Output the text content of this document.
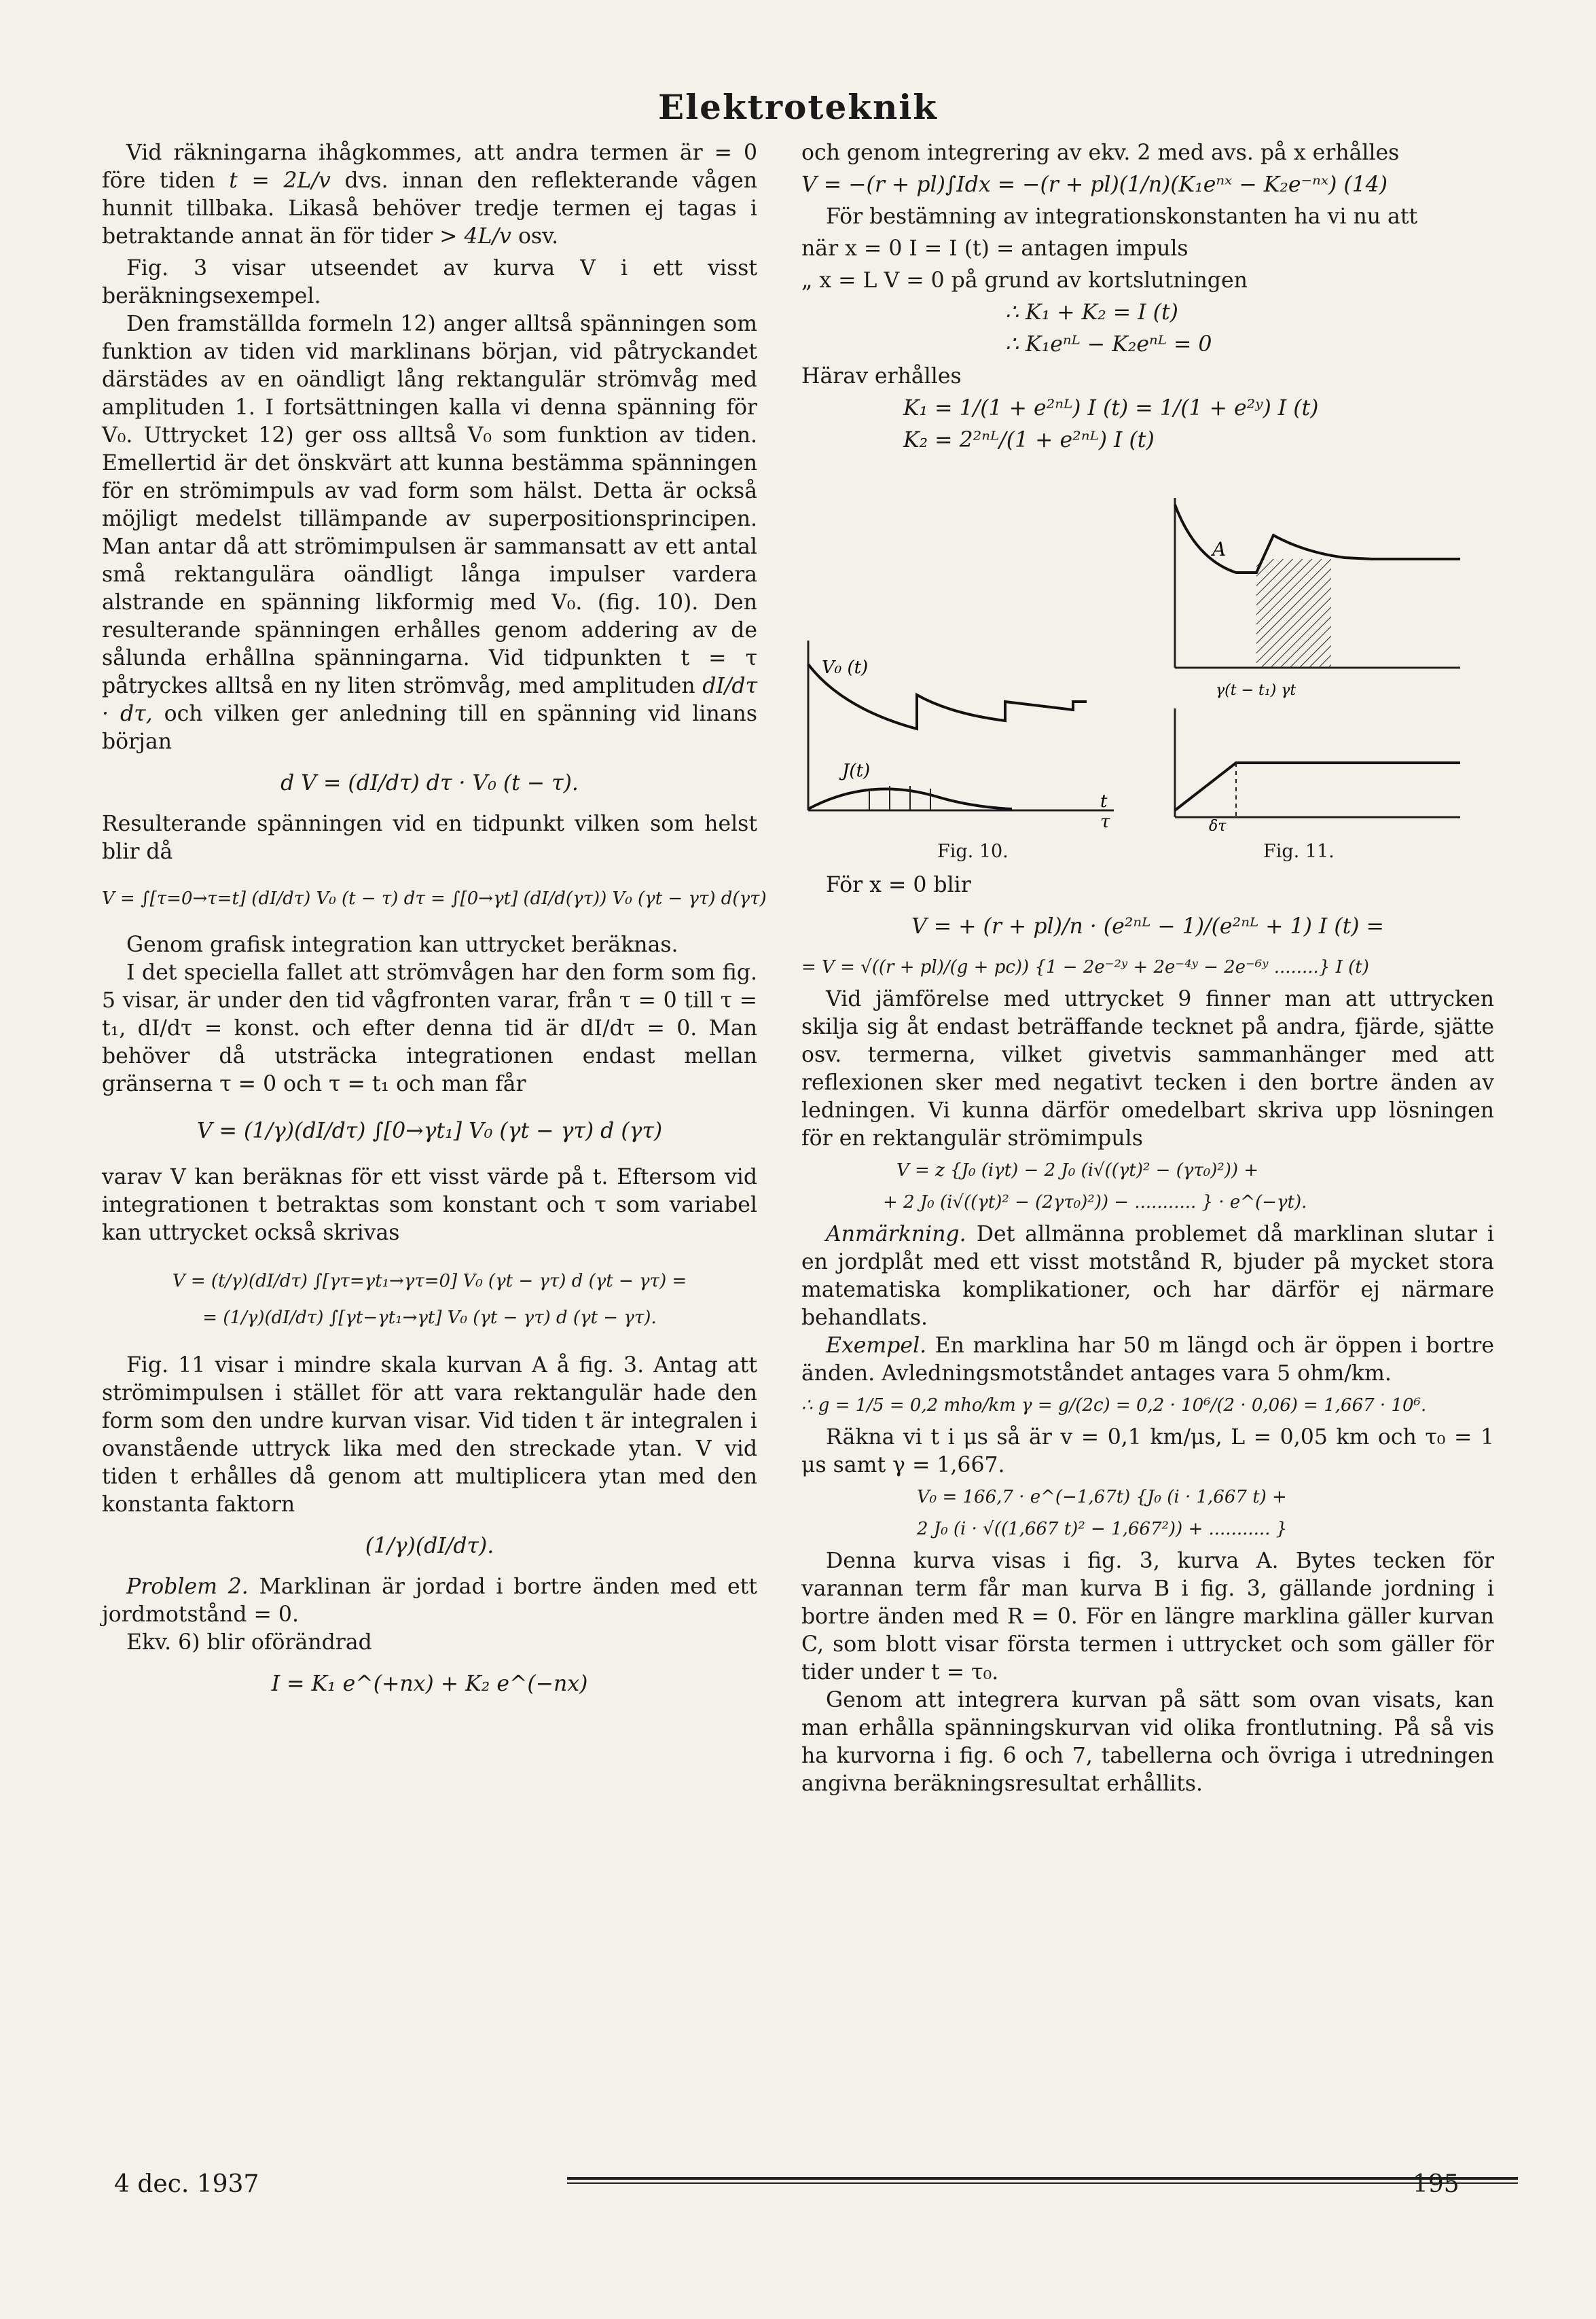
Elektroteknik

Vid räkningarna ihågkommes, att andra termen är = 0 före tiden t = 2L/v dvs. innan den reflekterande vågen hunnit tillbaka. Likaså behöver tredje termen ej tagas i betraktande annat än för tider > 4L/v osv.

Fig. 3 visar utseendet av kurva V i ett visst beräkningsexempel.

Den framställda formeln 12) anger alltså spänningen som funktion av tiden vid marklinans början, vid påtryckandet därstädes av en oändligt lång rektangulär strömvåg med amplituden 1. I fortsättningen kalla vi denna spänning för V₀. Uttrycket 12) ger oss alltså V₀ som funktion av tiden. Emellertid är det önskvärt att kunna bestämma spänningen för en strömimpuls av vad form som hälst. Detta är också möjligt medelst tillämpande av superpositionsprincipen. Man antar då att strömimpulsen är sammansatt av ett antal små rektangulära oändligt långa impulser vardera alstrande en spänning likformig med V₀. (fig. 10). Den resulterande spänningen erhålles genom addering av de sålunda erhållna spänningarna. Vid tidpunkten t = τ påtryckes alltså en ny liten strömvåg, med amplituden dI/dτ · dτ, och vilken ger anledning till en spänning vid linans början

d V = (dI/dτ) dτ · V₀ (t − τ).

Resulterande spänningen vid en tidpunkt vilken som helst blir då

V = ∫[τ=0→τ=t] (dI/dτ) V₀ (t − τ) dτ = ∫[0→γt] (dI/d(γτ)) V₀ (γt − γτ) d(γτ)

Genom grafisk integration kan uttrycket beräknas.

I det speciella fallet att strömvågen har den form som fig. 5 visar, är under den tid vågfronten varar, från τ = 0 till τ = t₁, dI/dτ = konst. och efter denna tid är dI/dτ = 0. Man behöver då utsträcka integrationen endast mellan gränserna τ = 0 och τ = t₁ och man får

V = (1/γ)(dI/dτ) ∫[0→γt₁] V₀ (γt − γτ) d (γτ)

varav V kan beräknas för ett visst värde på t. Eftersom vid integrationen t betraktas som konstant och τ som variabel kan uttrycket också skrivas

V = (t/γ)(dI/dτ) ∫[γτ=γt₁→γτ=0] V₀ (γt − γτ) d (γt − γτ) =
= (1/γ)(dI/dτ) ∫[γt−γt₁→γt] V₀ (γt − γτ) d (γt − γτ).

Fig. 11 visar i mindre skala kurvan A å fig. 3. Antag att strömimpulsen i stället för att vara rektangulär hade den form som den undre kurvan visar. Vid tiden t är integralen i ovanstående uttryck lika med den streckade ytan. V vid tiden t erhålles då genom att multiplicera ytan med den konstanta faktorn

(1/γ)(dI/dτ).

Problem 2. Marklinan är jordad i bortre änden med ett jordmotstånd = 0.

Ekv. 6) blir oförändrad

I = K₁ e^(+nx) + K₂ e^(−nx)

och genom integrering av ekv. 2 med avs. på x erhålles

V = −(r + pl)∫Idx = −(r + pl)(1/n)(K₁eⁿˣ − K₂e⁻ⁿˣ) (14)

För bestämning av integrationskonstanten ha vi nu att

när x = 0 I = I (t) = antagen impuls
„ x = L V = 0 på grund av kortslutningen
∴ K₁ + K₂ = I (t)
∴ K₁eⁿᴸ − K₂eⁿᴸ = 0

Härav erhålles

K₁ = 1/(1 + e²ⁿᴸ) I (t) = 1/(1 + e²ʸ) I (t)
K₂ = 2²ⁿᴸ/(1 + e²ⁿᴸ) I (t)
V₀ (t)
J(t)
t
τ
Fig. 10.
A
γ(t − t₁) γt
δτ
Fig. 11.

För x = 0 blir

V = + (r + pl)/n · (e²ⁿᴸ − 1)/(e²ⁿᴸ + 1) I (t) =
= V = √((r + pl)/(g + pc)) {1 − 2e⁻²ʸ + 2e⁻⁴ʸ − 2e⁻⁶ʸ ........} I (t)

Vid jämförelse med uttrycket 9 finner man att uttrycken skilja sig åt endast beträffande tecknet på andra, fjärde, sjätte osv. termerna, vilket givetvis sammanhänger med att reflexionen sker med negativt tecken i den bortre änden av ledningen. Vi kunna därför omedelbart skriva upp lösningen för en rektangulär strömimpuls

V = z {J₀ (iγt) − 2 J₀ (i√((γt)² − (γτ₀)²)) +
+ 2 J₀ (i√((γt)² − (2γτ₀)²)) − ........... } · e^(−γt).

Anmärkning. Det allmänna problemet då marklinan slutar i en jordplåt med ett visst motstånd R, bjuder på mycket stora matematiska komplikationer, och har därför ej närmare behandlats.

Exempel. En marklina har 50 m längd och är öppen i bortre änden. Avledningsmotståndet antages vara 5 ohm/km.

∴ g = 1/5 = 0,2 mho/km γ = g/(2c) = 0,2 · 10⁶/(2 · 0,06) = 1,667 · 10⁶.

Räkna vi t i μs så är v = 0,1 km/μs, L = 0,05 km och τ₀ = 1 μs samt γ = 1,667.

V₀ = 166,7 · e^(−1,67t) {J₀ (i · 1,667 t) +
2 J₀ (i · √((1,667 t)² − 1,667²)) + ........... }

Denna kurva visas i fig. 3, kurva A. Bytes tecken för varannan term får man kurva B i fig. 3, gällande jordning i bortre änden med R = 0. För en längre marklina gäller kurvan C, som blott visar första termen i uttrycket och som gäller för tider under t = τ₀.

Genom att integrera kurvan på sätt som ovan visats, kan man erhålla spänningskurvan vid olika frontlutning. På så vis ha kurvorna i fig. 6 och 7, tabellerna och övriga i utredningen angivna beräkningsresultat erhållits.

4 dec. 1937	195
